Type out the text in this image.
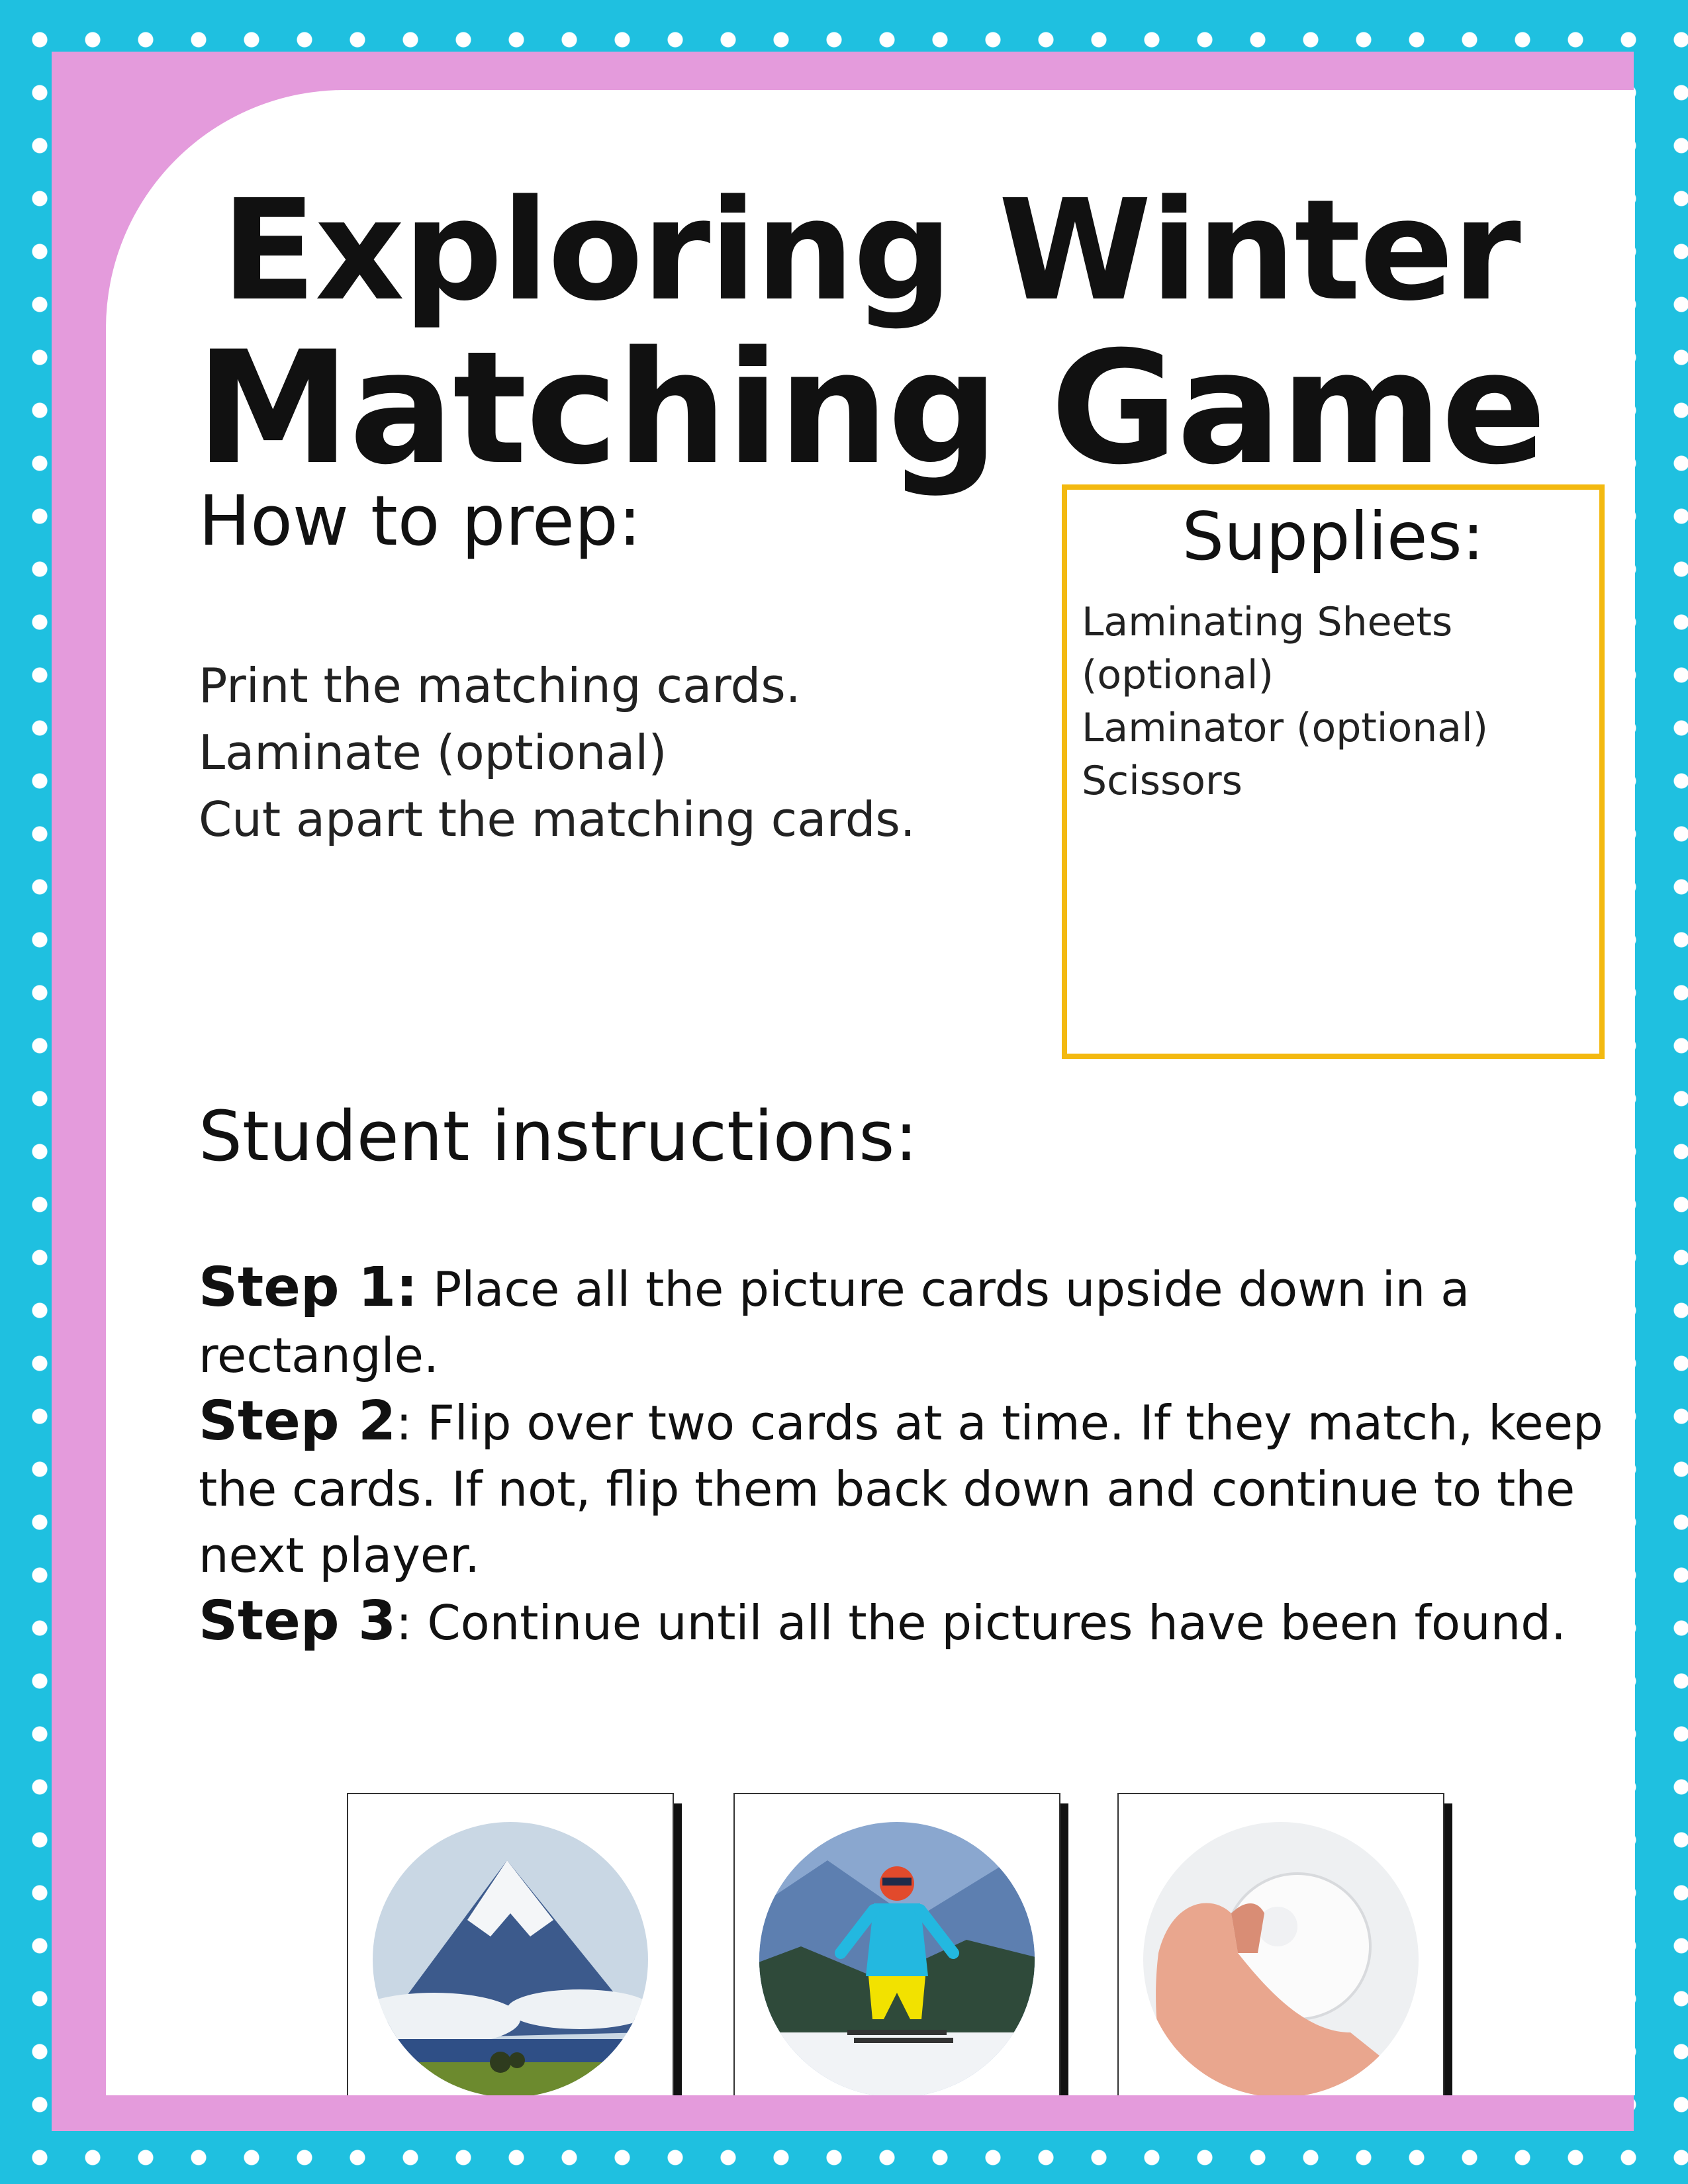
Exploring Winter
Matching Game
How to prep:
Print the matching cards.
Laminate (optional)
Cut apart the matching cards.
Supplies:
Laminating Sheets (optional)
Laminator (optional)
Scissors
Student instructions:
Step 1: Place all the picture cards upside down in a rectangle.
Step 2: Flip over two cards at a time. If they match, keep the cards. If not, flip them back down and continue to the next player.
Step 3: Continue until all the pictures have been found.
